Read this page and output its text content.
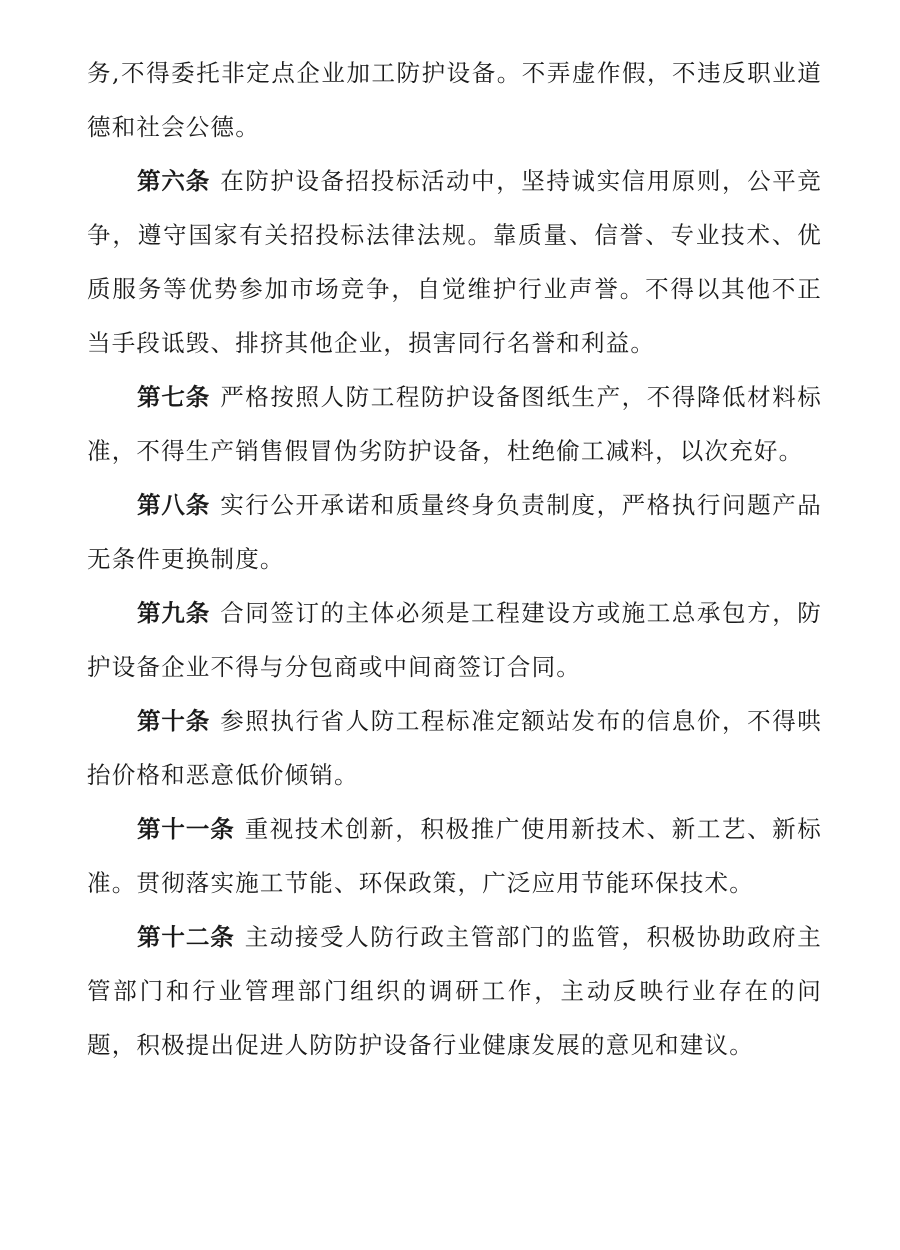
务,不得委托非定点企业加工防护设备。不弄虚作假，不违反职业道德和社会公德。

第六条 在防护设备招投标活动中，坚持诚实信用原则，公平竞争，遵守国家有关招投标法律法规。靠质量、信誉、专业技术、优质服务等优势参加市场竞争，自觉维护行业声誉。不得以其他不正当手段诋毁、排挤其他企业，损害同行名誉和利益。

第七条 严格按照人防工程防护设备图纸生产，不得降低材料标准，不得生产销售假冒伪劣防护设备，杜绝偷工减料，以次充好。

第八条 实行公开承诺和质量终身负责制度，严格执行问题产品无条件更换制度。

第九条 合同签订的主体必须是工程建设方或施工总承包方，防护设备企业不得与分包商或中间商签订合同。

第十条 参照执行省人防工程标准定额站发布的信息价，不得哄抬价格和恶意低价倾销。

第十一条 重视技术创新，积极推广使用新技术、新工艺、新标准。贯彻落实施工节能、环保政策，广泛应用节能环保技术。

第十二条 主动接受人防行政主管部门的监管，积极协助政府主管部门和行业管理部门组织的调研工作，主动反映行业存在的问题，积极提出促进人防防护设备行业健康发展的意见和建议。
